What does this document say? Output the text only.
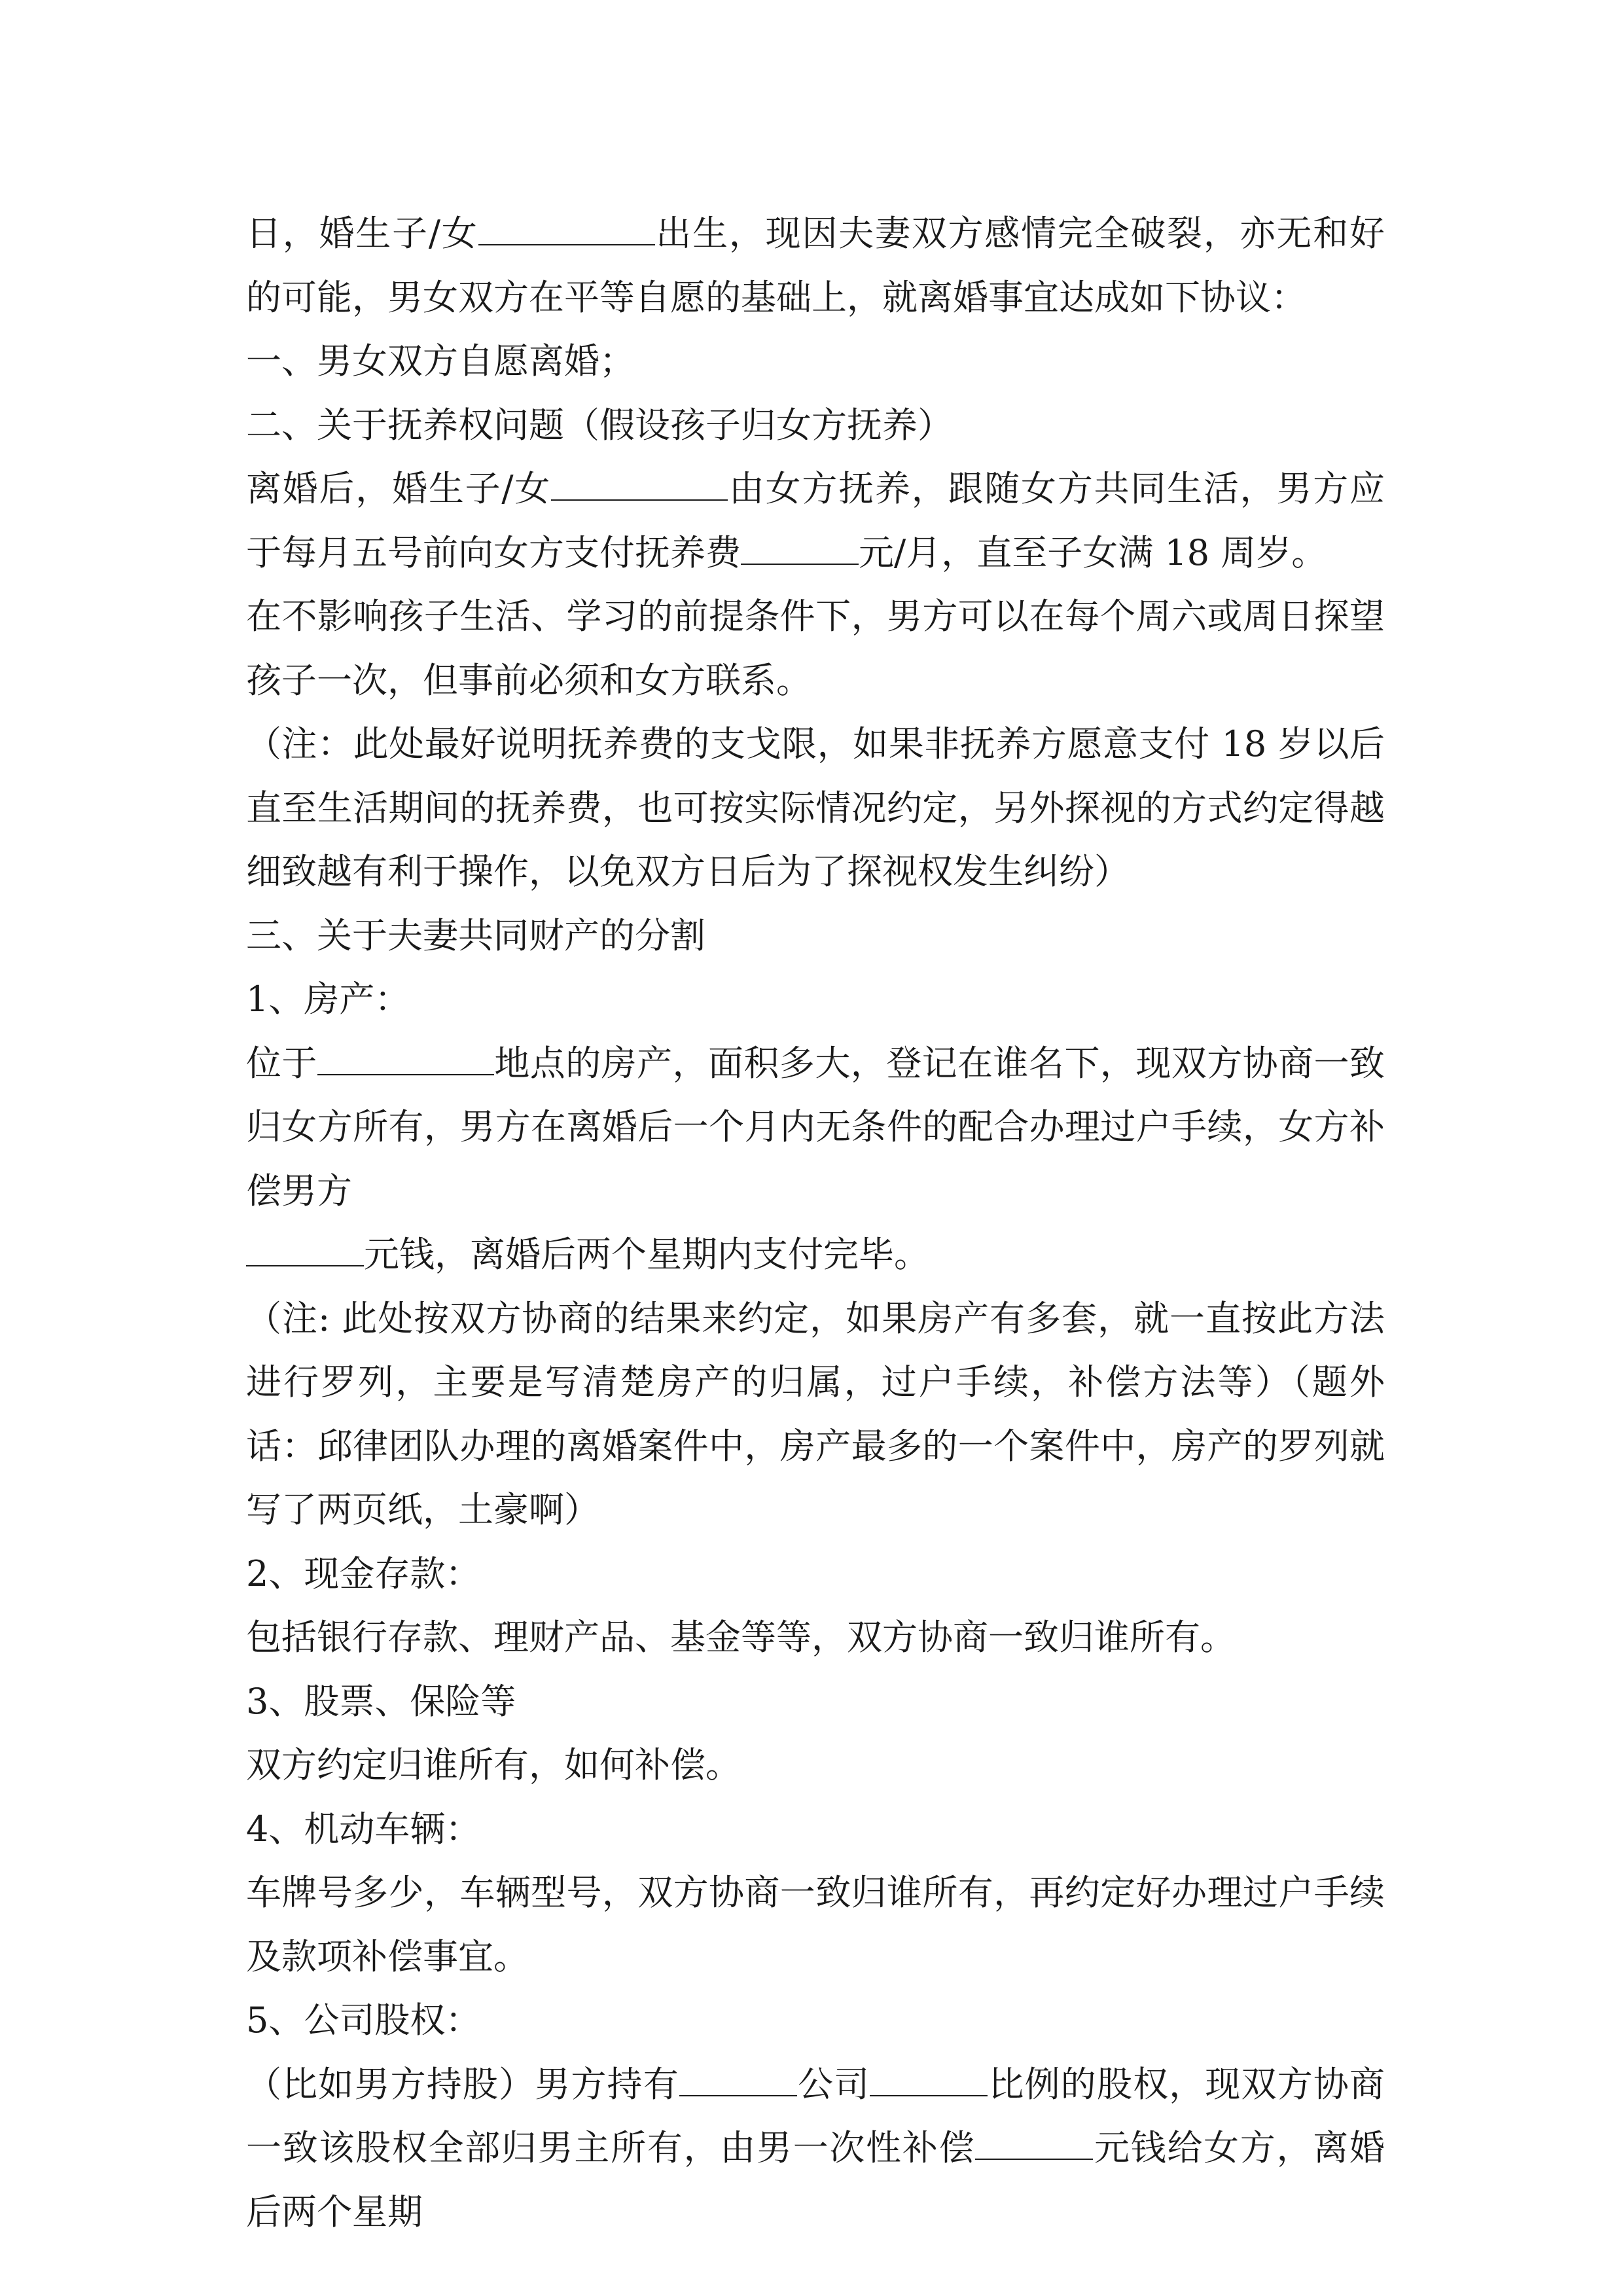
日，婚生子/女	出生，现因夫妻双方感情完全破裂，亦无和好的可能，男女双方在平等自愿的基础上，就离婚事宜达成如下协议：

一、男女双方自愿离婚；

二、关于抚养权问题（假设孩子归女方抚养）

离婚后，婚生子/女	由女方抚养，跟随女方共同生活，男方应于每月五号前向女方支付抚养费	元/月，直至子女满 18 周岁。

在不影响孩子生活、学习的前提条件下，男方可以在每个周六或周日探望孩子一次，但事前必须和女方联系。

（注：此处最好说明抚养费的支戈限，如果非抚养方愿意支付 18 岁以后直至生活期间的抚养费，也可按实际情况约定，另外探视的方式约定得越细致越有利于操作，以免双方日后为了探视权发生纠纷）

三、关于夫妻共同财产的分割

1、房产：

位于	地点的房产，面积多大，登记在谁名下，现双方协商一致归女方所有，男方在离婚后一个月内无条件的配合办理过户手续，女方补偿男方
元钱，离婚后两个星期内支付完毕。

（注: 此处按双方协商的结果来约定，如果房产有多套，就一直按此方法进行罗列，主要是写清楚房产的归属，过户手续，补偿方法等）（题外话：邱律团队办理的离婚案件中，房产最多的一个案件中，房产的罗列就写了两页纸，土豪啊）

2、现金存款：

包括银行存款、理财产品、基金等等，双方协商一致归谁所有。

3、股票、保险等

双方约定归谁所有，如何补偿。

4、机动车辆：

车牌号多少，车辆型号，双方协商一致归谁所有，再约定好办理过户手续及款项补偿事宜。

5、公司股权：

（比如男方持股）男方持有	公司	比例的股权，现双方协商一致该股权全部归男主所有，由男一次性补偿	元钱给女方，离婚后两个星期
